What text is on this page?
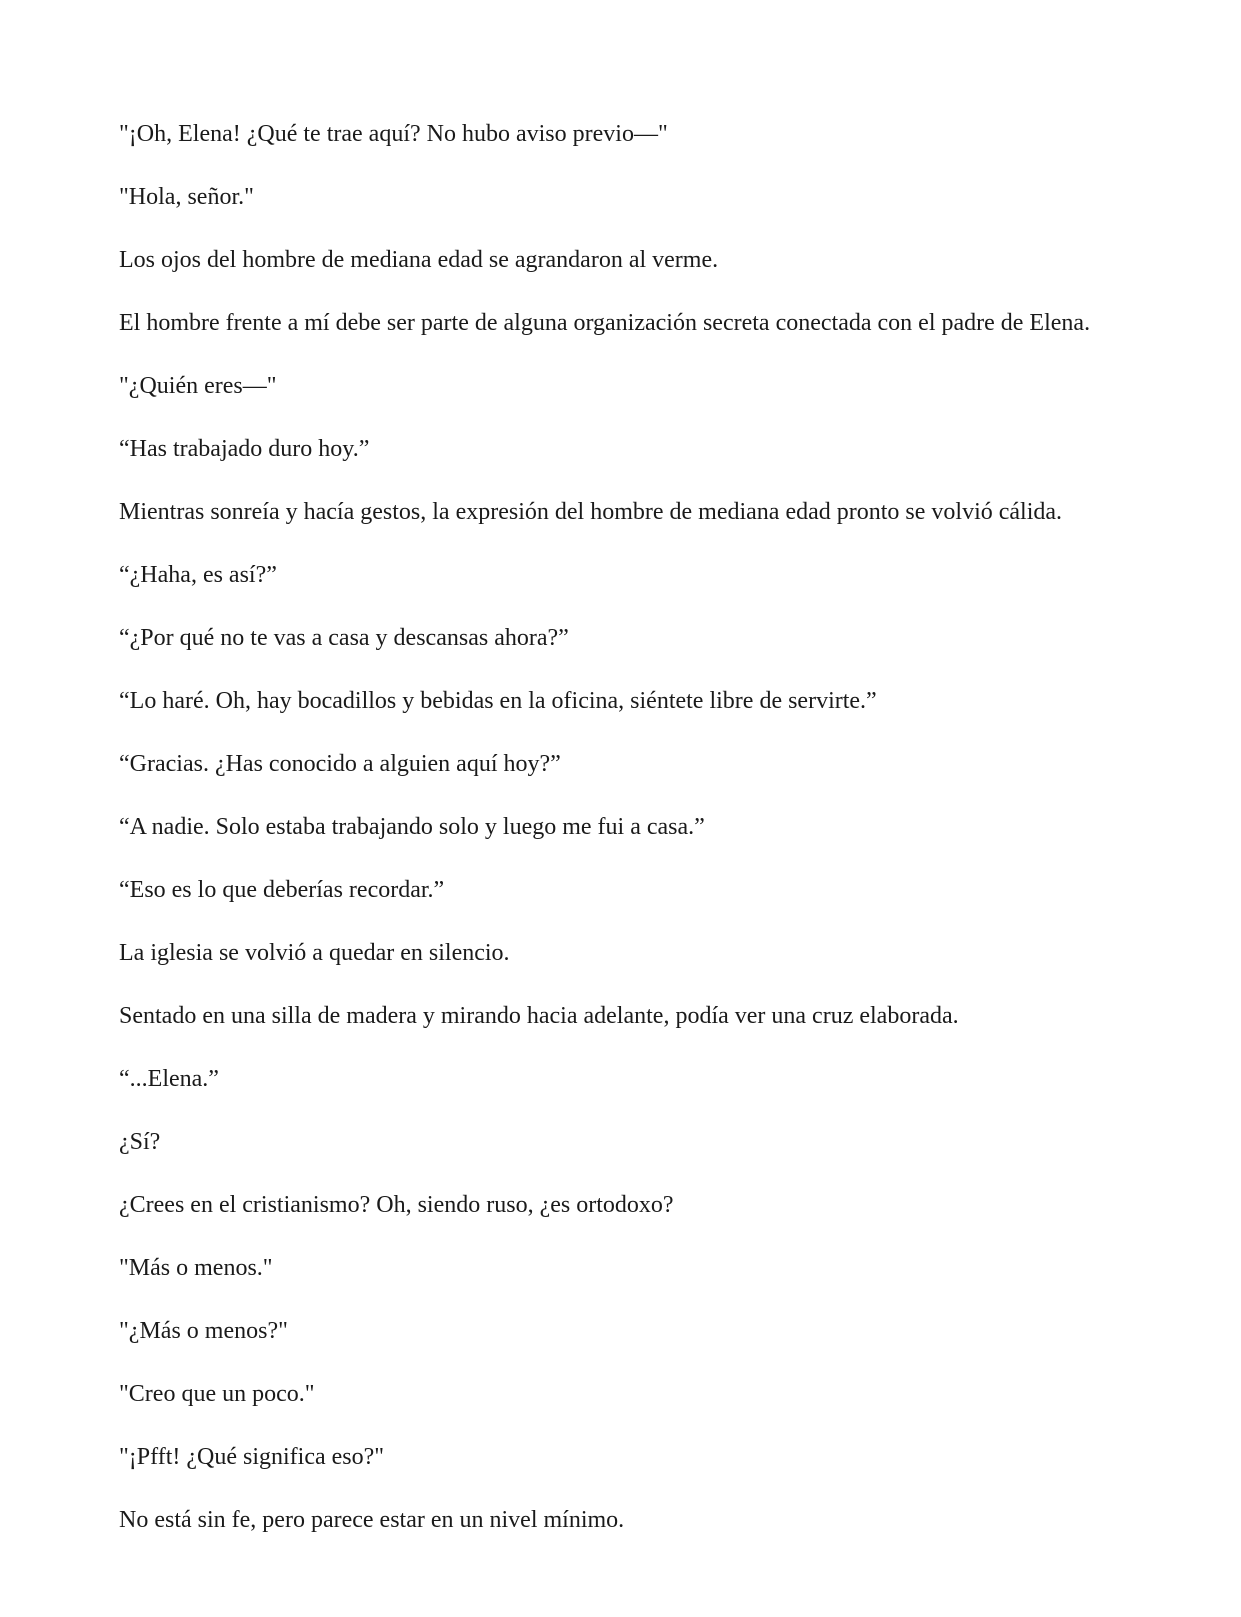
"¡Oh, Elena! ¿Qué te trae aquí? No hubo aviso previo—"

"Hola, señor."

Los ojos del hombre de mediana edad se agrandaron al verme.

El hombre frente a mí debe ser parte de alguna organización secreta conectada con el padre de Elena.

"¿Quién eres—"

“Has trabajado duro hoy.”

Mientras sonreía y hacía gestos, la expresión del hombre de mediana edad pronto se volvió cálida.

“¿Haha, es así?”

“¿Por qué no te vas a casa y descansas ahora?”

“Lo haré. Oh, hay bocadillos y bebidas en la oficina, siéntete libre de servirte.”

“Gracias. ¿Has conocido a alguien aquí hoy?”

“A nadie. Solo estaba trabajando solo y luego me fui a casa.”

“Eso es lo que deberías recordar.”

La iglesia se volvió a quedar en silencio.

Sentado en una silla de madera y mirando hacia adelante, podía ver una cruz elaborada.

“...Elena.”

¿Sí?

¿Crees en el cristianismo? Oh, siendo ruso, ¿es ortodoxo?

"Más o menos."

"¿Más o menos?"

"Creo que un poco."

"¡Pfft! ¿Qué significa eso?"

No está sin fe, pero parece estar en un nivel mínimo.
